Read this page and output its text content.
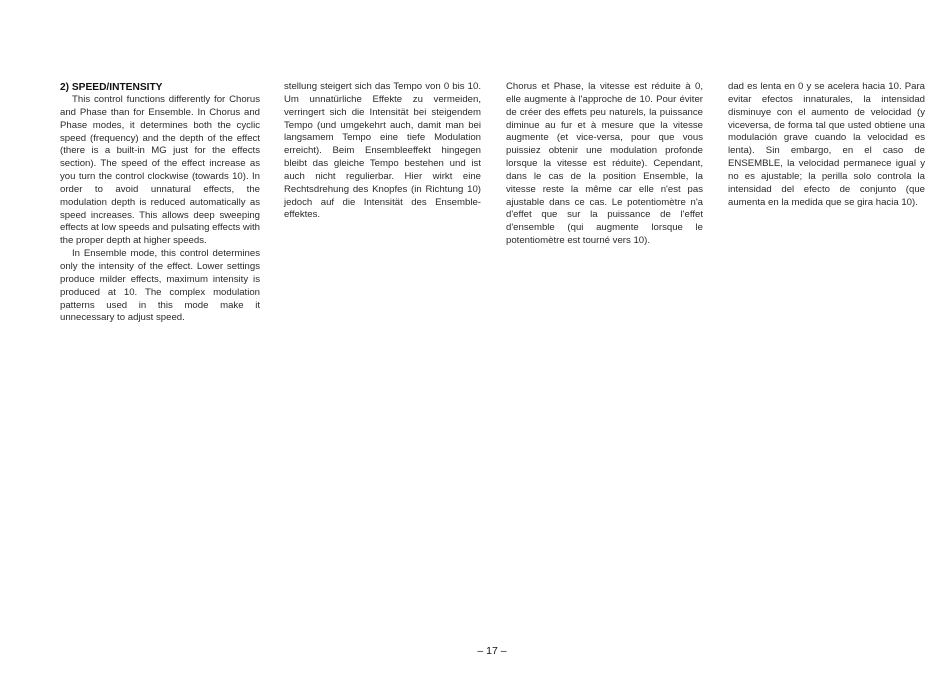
2) SPEED/INTENSITY

This control functions differently for Chorus and Phase than for Ensemble. In Chorus and Phase modes, it determines both the cyclic speed (frequency) and the depth of the effect (there is a built-in MG just for the effects section). The speed of the effect increase as you turn the control clockwise (towards 10). In order to avoid unnatural effects, the modulation depth is reduced automatically as speed increases. This allows deep sweeping effects at low speeds and pulsating effects with the proper depth at higher speeds.

In Ensemble mode, this control determines only the intensity of the effect. Lower settings produce milder effects, maximum intensity is produced at 10. The complex modulation patterns used in this mode make it unnecessary to adjust speed.

stellung steigert sich das Tempo von 0 bis 10. Um unnatürliche Effekte zu vermeiden, verringert sich die Intensität bei steigendem Tempo (und umgekehrt auch, damit man bei langsamem Tempo eine tiefe Modulation erreicht). Beim Ensembleeffekt hingegen bleibt das gleiche Tempo bestehen und ist auch nicht regulierbar. Hier wirkt eine Rechtsdrehung des Knopfes (in Richtung 10) jedoch auf die Intensität des Ensembleeffektes.

Chorus et Phase, la vitesse est réduite à 0, elle augmente à l'approche de 10. Pour éviter de créer des effets peu naturels, la puissance diminue au fur et à mesure que la vitesse augmente (et vice-versa, pour que vous puissiez obtenir une modulation profonde lorsque la vitesse est réduite). Cependant, dans le cas de la position Ensemble, la vitesse reste la même car elle n'est pas ajustable dans ce cas. Le potentiomètre n'a d'effet que sur la puissance de l'effet d'ensemble (qui augmente lorsque le potentiomètre est tourné vers 10).

dad es lenta en 0 y se acelera hacia 10. Para evitar efectos innaturales, la intensidad disminuye con el aumento de velocidad (y viceversa, de forma tal que usted obtiene una modulación grave cuando la velocidad es lenta). Sin embargo, en el caso de ENSEMBLE, la velocidad permanece igual y no es ajustable; la perilla solo controla la intensidad del efecto de conjunto (que aumenta en la medida que se gira hacia 10).

– 17 –
